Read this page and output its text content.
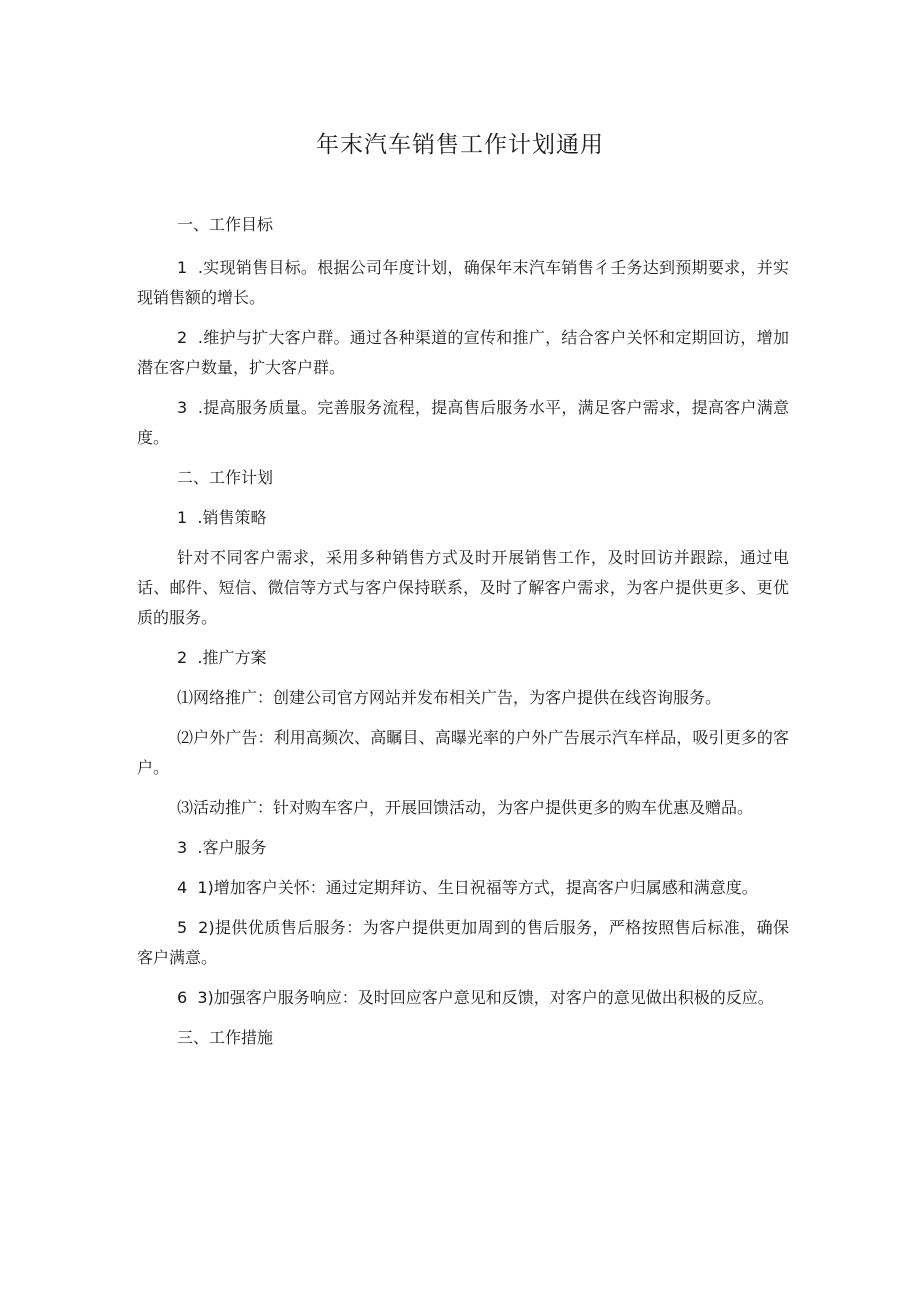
年末汽车销售工作计划通用

一、工作目标

1  .实现销售目标。根据公司年度计划，确保年末汽车销售彳壬务达到预期要求，并实现销售额的增长。

2  .维护与扩大客户群。通过各种渠道的宣传和推广，结合客户关怀和定期回访，增加潜在客户数量，扩大客户群。

3  .提高服务质量。完善服务流程，提高售后服务水平，满足客户需求，提高客户满意度。

二、工作计划

1  .销售策略

针对不同客户需求，采用多种销售方式及时开展销售工作，及时回访并跟踪，通过电话、邮件、短信、微信等方式与客户保持联系，及时了解客户需求，为客户提供更多、更优质的服务。

2  .推广方案

⑴网络推广：创建公司官方网站并发布相关广告，为客户提供在线咨询服务。

⑵户外广告：利用高频次、高瞩目、高曝光率的户外广告展示汽车样品，吸引更多的客户。

⑶活动推广：针对购车客户，开展回馈活动，为客户提供更多的购车优惠及赠品。

3  .客户服务

4  1)增加客户关怀：通过定期拜访、生日祝福等方式，提高客户归属感和满意度。

5  2)提供优质售后服务：为客户提供更加周到的售后服务，严格按照售后标准，确保客户满意。

6  3)加强客户服务响应：及时回应客户意见和反馈，对客户的意见做出积极的反应。

三、工作措施
